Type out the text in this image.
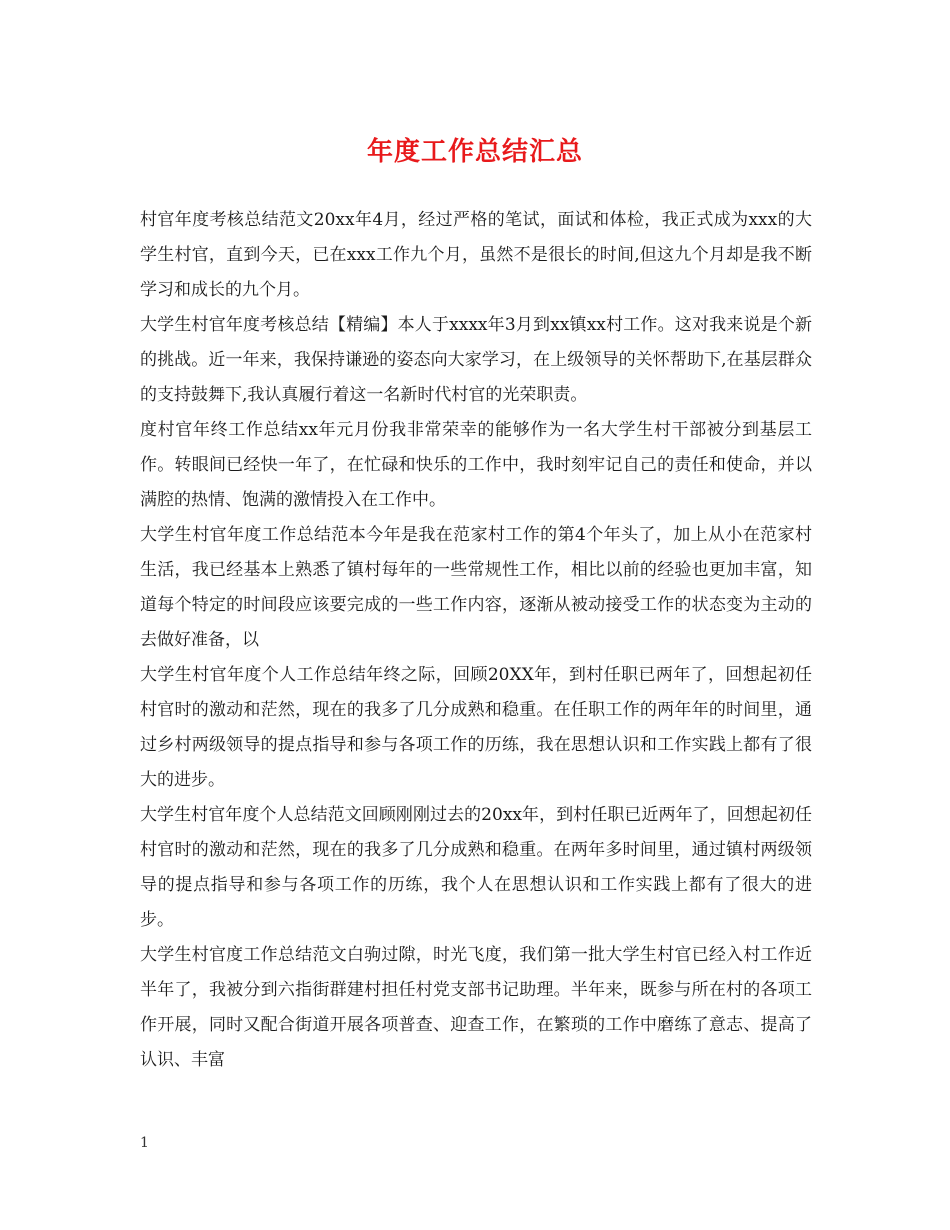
年度工作总结汇总

村官年度考核总结范文20xx年4月，经过严格的笔试，面试和体检，我正式成为xxx的大学生村官，直到今天，已在xxx工作九个月，虽然不是很长的时间,但这九个月却是我不断学习和成长的九个月。

大学生村官年度考核总结【精编】本人于xxxx年3月到xx镇xx村工作。这对我来说是个新的挑战。近一年来，我保持谦逊的姿态向大家学习，在上级领导的关怀帮助下,在基层群众的支持鼓舞下,我认真履行着这一名新时代村官的光荣职责。

度村官年终工作总结xx年元月份我非常荣幸的能够作为一名大学生村干部被分到基层工作。转眼间已经快一年了，在忙碌和快乐的工作中，我时刻牢记自己的责任和使命，并以满腔的热情、饱满的激情投入在工作中。

大学生村官年度工作总结范本今年是我在范家村工作的第4个年头了，加上从小在范家村生活，我已经基本上熟悉了镇村每年的一些常规性工作，相比以前的经验也更加丰富，知道每个特定的时间段应该要完成的一些工作内容，逐渐从被动接受工作的状态变为主动的去做好准备，以

大学生村官年度个人工作总结年终之际，回顾20XX年，到村任职已两年了，回想起初任村官时的激动和茫然，现在的我多了几分成熟和稳重。在任职工作的两年年的时间里，通过乡村两级领导的提点指导和参与各项工作的历练，我在思想认识和工作实践上都有了很大的进步。

大学生村官年度个人总结范文回顾刚刚过去的20xx年，到村任职已近两年了，回想起初任村官时的激动和茫然，现在的我多了几分成熟和稳重。在两年多时间里，通过镇村两级领导的提点指导和参与各项工作的历练，我个人在思想认识和工作实践上都有了很大的进步。

大学生村官度工作总结范文白驹过隙，时光飞度，我们第一批大学生村官已经入村工作近半年了，我被分到六指街群建村担任村党支部书记助理。半年来，既参与所在村的各项工作开展，同时又配合街道开展各项普查、迎查工作，在繁琐的工作中磨练了意志、提高了认识、丰富

1
